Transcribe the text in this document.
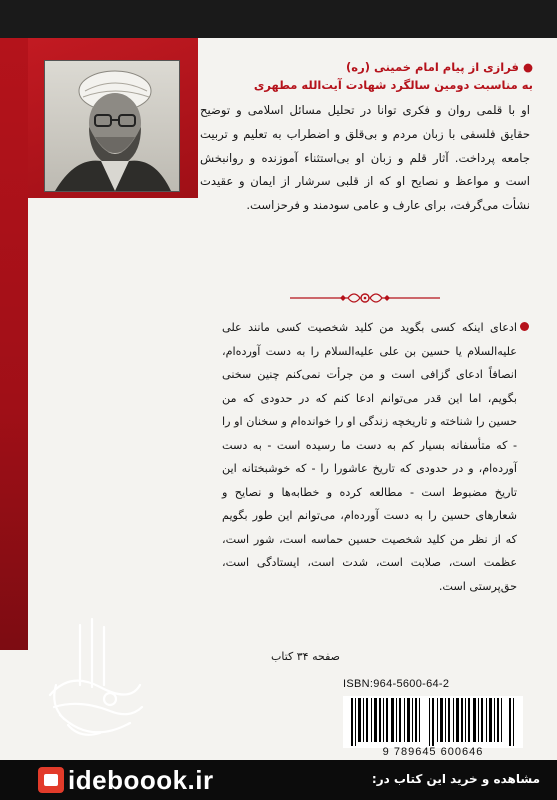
● فرازی از پیام امام خمینی (ره)
به مناسبت دومین سالگرد شهادت آیت‌الله مطهری
او با قلمی روان و فکری توانا در تحلیل مسائل اسلامی و توضیح حقایق فلسفی با زبان مردم و بی‌قلق و اضطراب به تعلیم و تربیت جامعه پرداخت. آثار قلم و زبان او بی‌استثناء آموزنده و روانبخش است و مواعظ و نصایح او که از قلبی سرشار از ایمان و عقیدت نشأت می‌گرفت، برای عارف و عامی سودمند و فرحزاست.
ادعای اینکه کسی بگوید من کلید شخصیت کسی مانند علی علیه‌السلام یا حسین بن علی علیه‌السلام را به دست آورده‌ام، انصافاً ادعای گزافی است و من جرأت نمی‌کنم چنین سخنی بگویم، اما این قدر می‌توانم ادعا کنم که در حدودی که من حسین را شناخته و تاریخچه زندگی او را خوانده‌ام و سخنان او را - که متأسفانه بسیار کم به دست ما رسیده است - به دست آورده‌ام، و در حدودی که تاریخ عاشورا را - که خوشبختانه این تاریخ مضبوط است - مطالعه کرده و خطابه‌ها و نصایح و شعارهای حسین را به دست آورده‌ام، می‌توانم این طور بگویم که از نظر من کلید شخصیت حسین حماسه است، شور است، عظمت است، صلابت است، شدت است، ایستادگی است، حق‌پرستی است.
صفحه ۳۴ کتاب
ISBN:964-5600-64-2
9 789645 600646
ideboook.ir	مشاهده و خرید این کتاب در:
